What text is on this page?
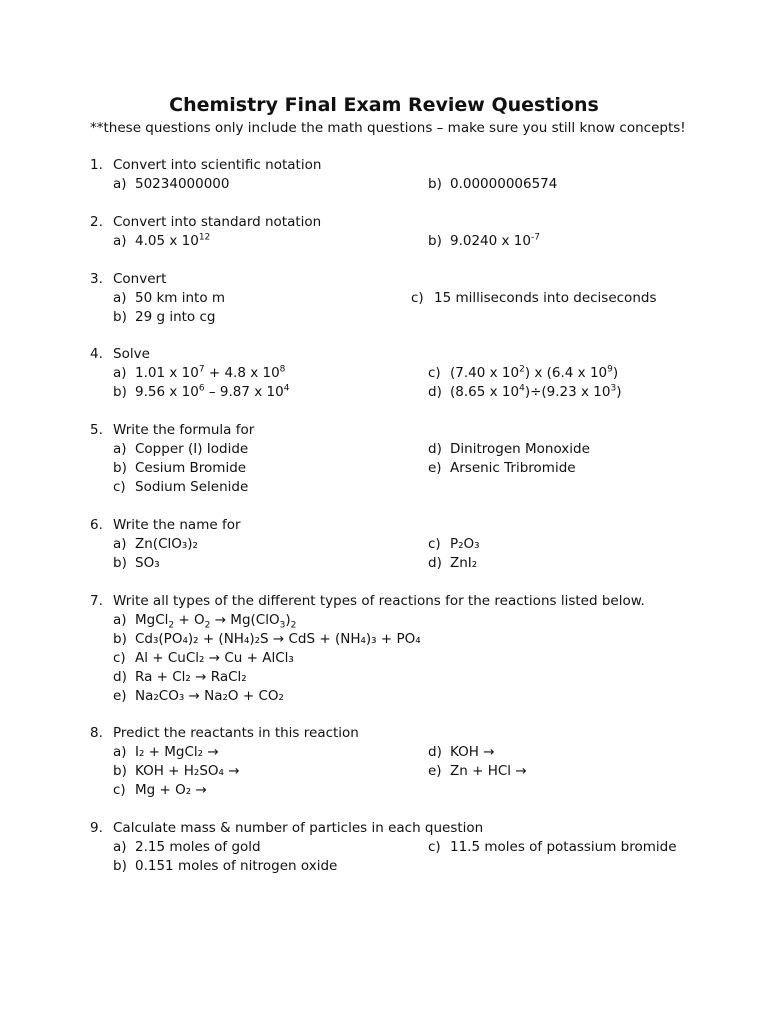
Chemistry Final Exam Review Questions
**these questions only include the math questions – make sure you still know concepts!
1. Convert into scientific notation
a) 50234000000	b) 0.00000006574
2. Convert into standard notation
a) 4.05 x $10^{12}$	b) 9.0240 x $10^{-7}$
3. Convert
a) 50 km into m	c) 15 milliseconds into deciseconds
b) 29 g into cg
4. Solve
a) 1.01 x $10^7 + 4.8$ x $10^8$	c) (7.40 x $10^2$) x (6.4 x $10^9$)
b) 9.56 x $10^6 - 9.87$ x $10^4$	d) (8.65 x $10^4)\div(9.23$ x $10^3$)
5. Write the formula for
a) Copper (I) Iodide	d) Dinitrogen Monoxide
b) Cesium Bromide	e) Arsenic Tribromide
c) Sodium Selenide
6. Write the name for
a) Zn(ClO₃)₂	c) P₂O₃
b) SO₃	d) ZnI₂
7. Write all types of the different types of reactions for the reactions listed below.
a) MgCl$_2$ + $O_2 \to Mg(ClO_3)_2$
b) Cd₃(PO₄)₂ + (NH₄)₂S → CdS + (NH₄)₃ + PO₄
c) Al + CuCl₂ → Cu + AlCl₃
d) Ra + Cl₂ → RaCl₂
e) Na₂CO₃ → Na₂O + CO₂
8. Predict the reactants in this reaction
a) I₂ + MgCl₂ →	d) KOH →
b) KOH + H₂SO₄ →	e) Zn + HCl →
c) Mg + O₂ →
9. Calculate mass & number of particles in each question
a) 2.15 moles of gold	c) 11.5 moles of potassium bromide
b) 0.151 moles of nitrogen oxide
